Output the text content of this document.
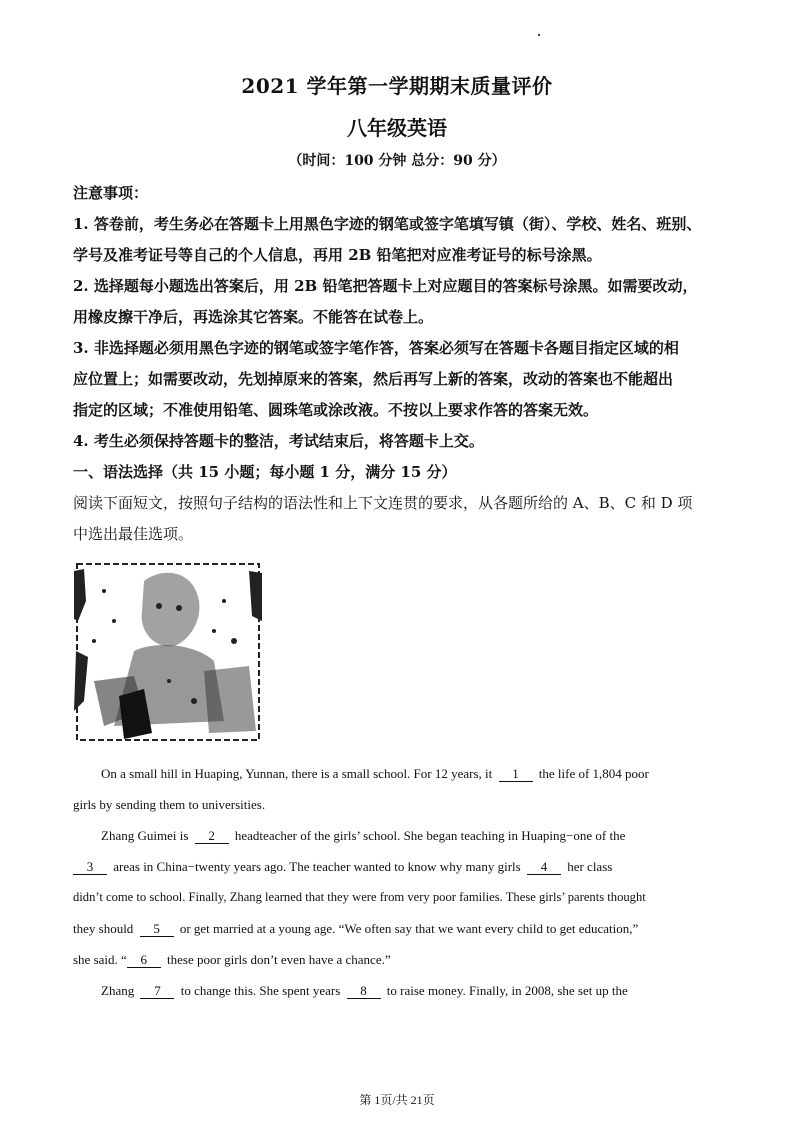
2021 学年第一学期期末质量评价
八年级英语
（时间：100 分钟 总分：90 分）
注意事项：
1. 答卷前，考生务必在答题卡上用黑色字迹的钢笔或签字笔填写镇（街）、学校、姓名、班别、
学号及准考证号等自己的个人信息，再用 2B 铅笔把对应准考证号的标号涂黑。
2. 选择题每小题选出答案后，用 2B 铅笔把答题卡上对应题目的答案标号涂黑。如需要改动，
用橡皮擦干净后，再选涂其它答案。不能答在试卷上。
3. 非选择题必须用黑色字迹的钢笔或签字笔作答，答案必须写在答题卡各题目指定区域的相
应位置上；如需要改动，先划掉原来的答案，然后再写上新的答案，改动的答案也不能超出
指定的区域；不准使用铅笔、圆珠笔或涂改液。不按以上要求作答的答案无效。
4. 考生必须保持答题卡的整洁，考试结束后，将答题卡上交。
一、语法选择（共 15 小题；每小题 1 分，满分 15 分）
阅读下面短文，按照句子结构的语法性和上下文连贯的要求，从各题所给的 A、B、C 和 D 项
中选出最佳选项。
On a small hill in Huaping, Yunnan, there is a small school. For 12 years, it 1 the life of 1,804 poor
girls by sending them to universities.
Zhang Guimei is 2 headteacher of the girls’ school. She began teaching in Huaping−one of the
3 areas in China−twenty years ago. The teacher wanted to know why many girls 4 her class
didn’t come to school. Finally, Zhang learned that they were from very poor families. These girls’ parents thought
they should 5 or get married at a young age. “We often say that we want every child to get education,”
she said. “ 6 these poor girls don’t even have a chance.”
Zhang 7 to change this. She spent years 8 to raise money. Finally, in 2008, she set up the
第 1页/共 21页
